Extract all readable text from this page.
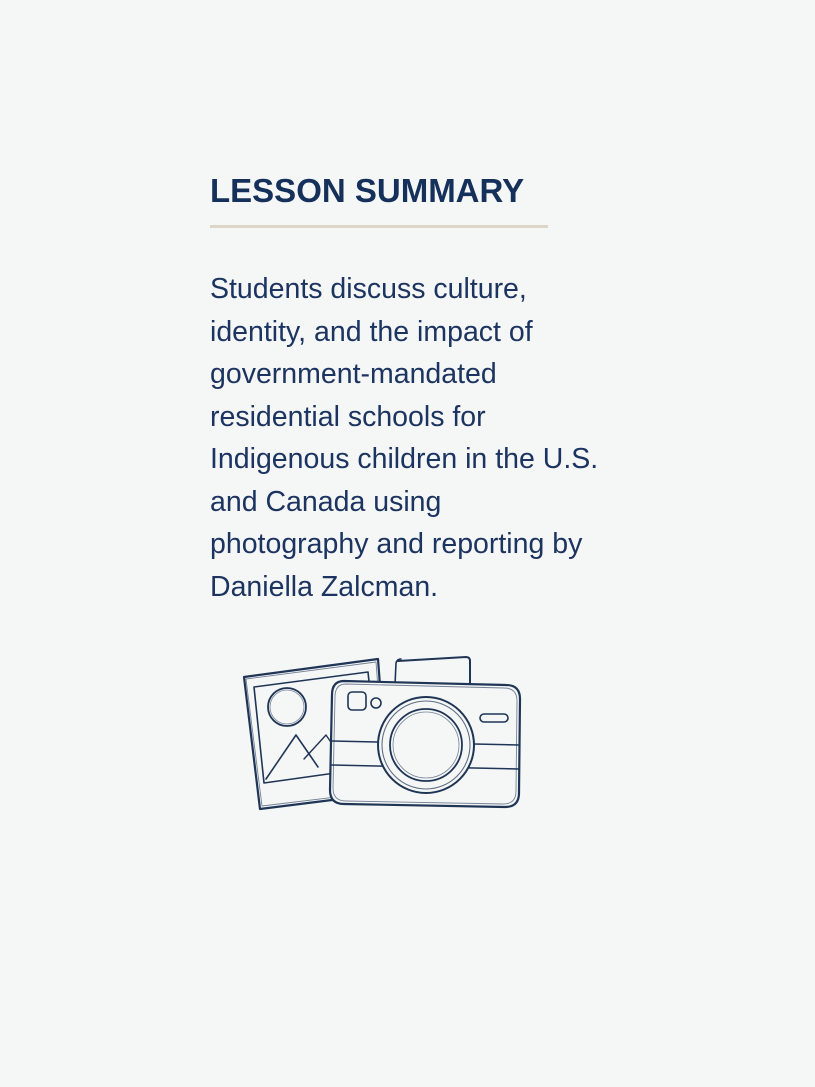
LESSON SUMMARY

Students discuss culture,
identity, and the impact of
government-mandated
residential schools for
Indigenous children in the U.S.
and Canada using
photography and reporting by
Daniella Zalcman.
